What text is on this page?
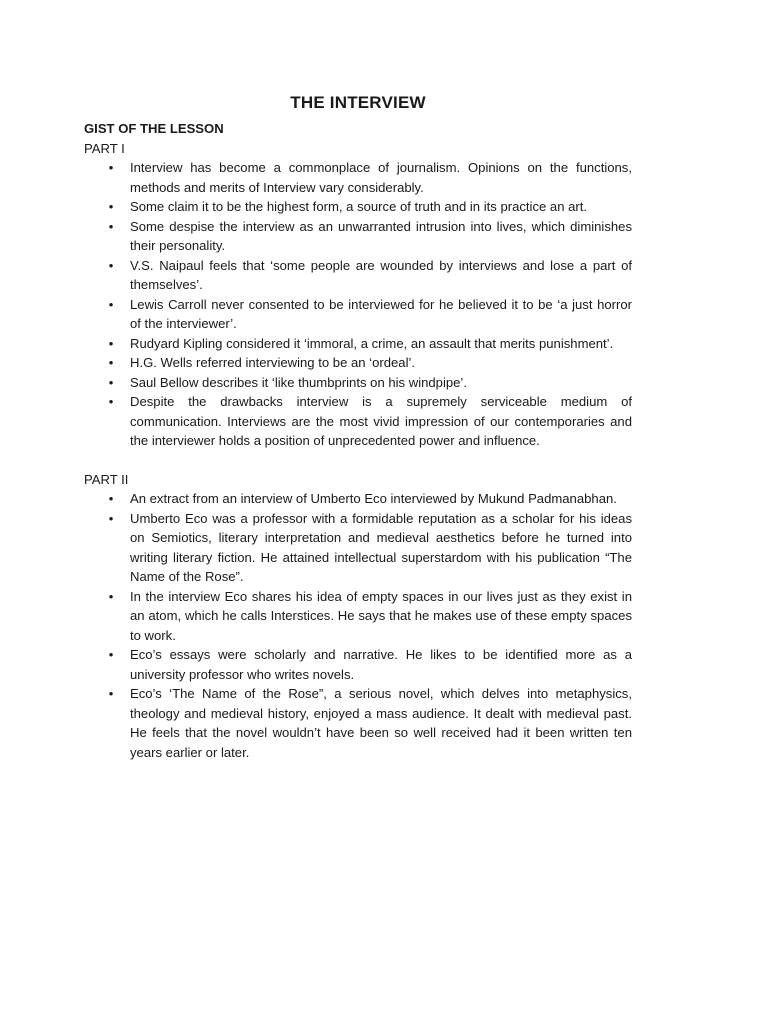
THE INTERVIEW

GIST OF THE LESSON

PART I

• Interview has become a commonplace of journalism. Opinions on the functions, methods and merits of Interview vary considerably.
• Some claim it to be the highest form, a source of truth and in its practice an art.
• Some despise the interview as an unwarranted intrusion into lives, which diminishes their personality.
• V.S. Naipaul feels that ‘some people are wounded by interviews and lose a part of themselves’.
• Lewis Carroll never consented to be interviewed for he believed it to be ‘a just horror of the interviewer’.
• Rudyard Kipling considered it ‘immoral, a crime, an assault that merits punishment’.
• H.G. Wells referred interviewing to be an ‘ordeal’.
• Saul Bellow describes it ‘like thumbprints on his windpipe’.
• Despite the drawbacks interview is a supremely serviceable medium of communication. Interviews are the most vivid impression of our contemporaries and the interviewer holds a position of unprecedented power and influence.

PART II

• An extract from an interview of Umberto Eco interviewed by Mukund Padmanabhan.
• Umberto Eco was a professor with a formidable reputation as a scholar for his ideas on Semiotics, literary interpretation and medieval aesthetics before he turned into writing literary fiction. He attained intellectual superstardom with his publication “The Name of the Rose”.
• In the interview Eco shares his idea of empty spaces in our lives just as they exist in an atom, which he calls Interstices. He says that he makes use of these empty spaces to work.
• Eco’s essays were scholarly and narrative. He likes to be identified more as a university professor who writes novels.
• Eco’s ‘The Name of the Rose”, a serious novel, which delves into metaphysics, theology and medieval history, enjoyed a mass audience. It dealt with medieval past. He feels that the novel wouldn’t have been so well received had it been written ten years earlier or later.
